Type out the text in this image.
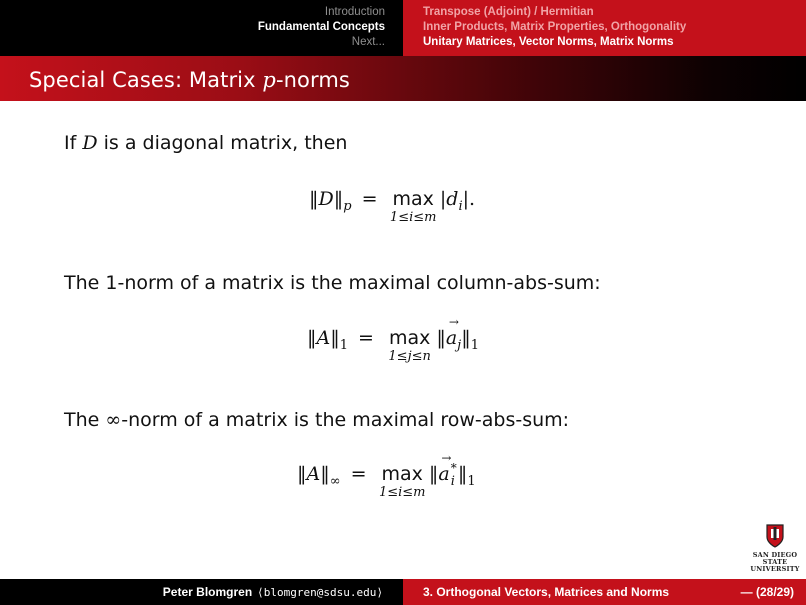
Introduction
Fundamental Concepts
Next...
Transpose (Adjoint) / Hermitian
Inner Products, Matrix Properties, Orthogonality
Unitary Matrices, Vector Norms, Matrix Norms
Special Cases: Matrix p-norms
If D is a diagonal matrix, then
‖ D ‖ p = max
1≤i≤m
| d i |.
The 1-norm of a matrix is the maximal column-abs-sum:
‖ A ‖ 1 = max
1≤j≤n
‖
→
a j ‖ 1
The ∞-norm of a matrix is the maximal row-abs-sum:
‖ A ‖ ∞ = max
1≤i≤m
‖
→
a *
i ‖ 1
SAN DIEGO STATE
UNIVERSITY
Peter Blomgren ⟨blomgren@sdsu.edu⟩	3. Orthogonal Vectors, Matrices and Norms	— (28/29)
